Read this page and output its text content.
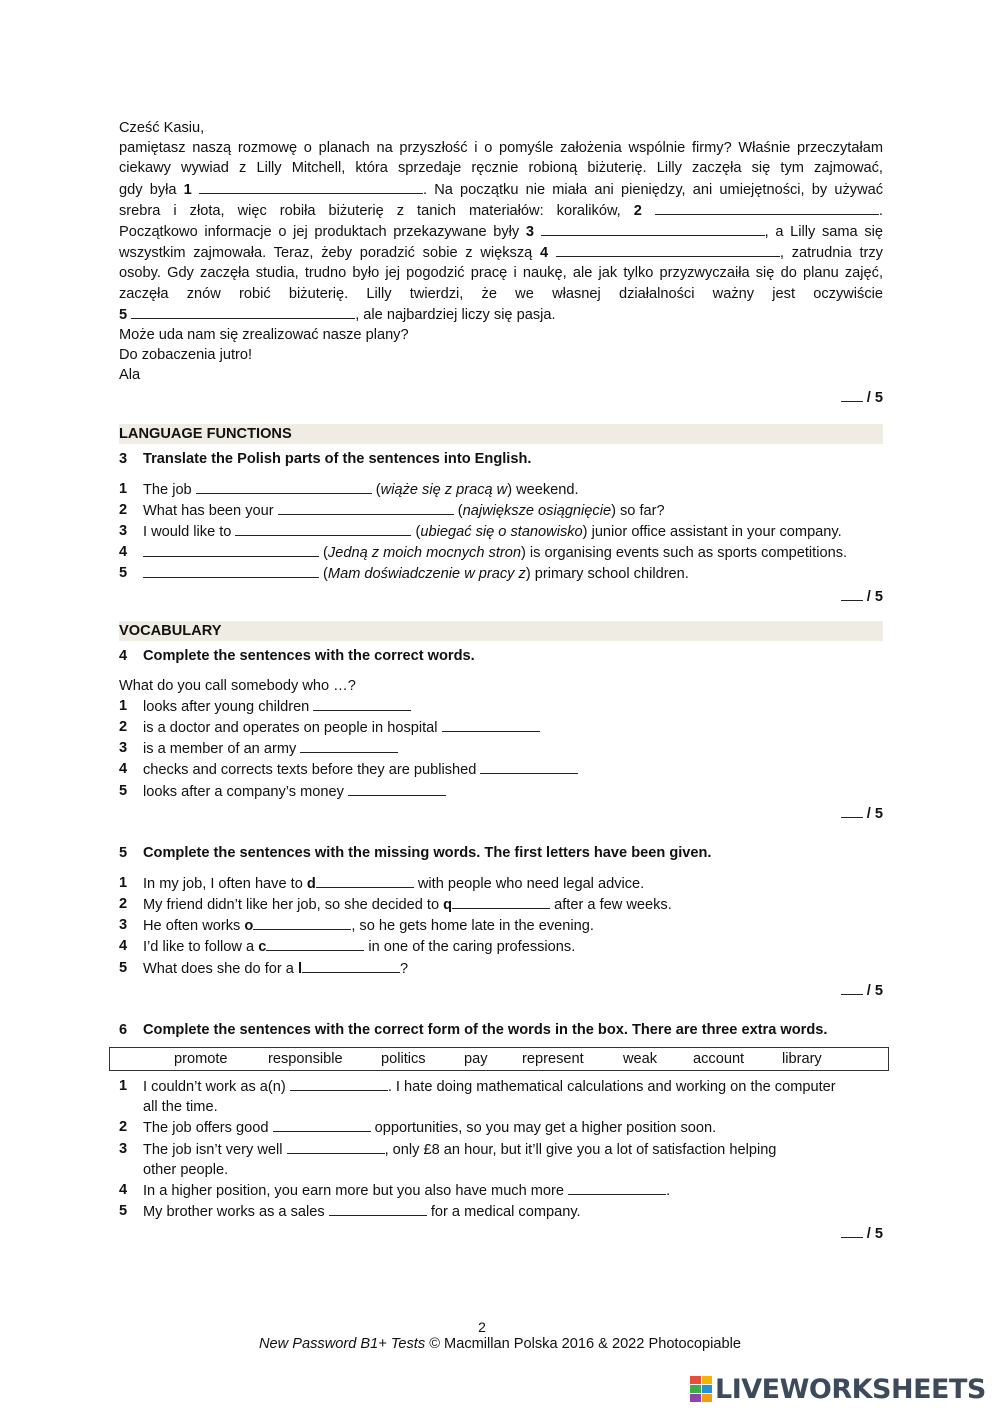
Cześć Kasiu,
pamiętasz naszą rozmowę o planach na przyszłość i o pomyśle założenia wspólnie firmy? Właśnie przeczytałam
ciekawy wywiad z Lilly Mitchell, która sprzedaje ręcznie robioną biżuterię. Lilly zaczęła się tym zajmować,
gdy była 1	. Na początku nie miała ani pieniędzy, ani umiejętności, by używać
srebra i złota, więc robiła biżuterię z tanich materiałów: koralików, 2	.
Początkowo informacje o jej produktach przekazywane były 3	, a Lilly sama się
wszystkim zajmowała. Teraz, żeby poradzić sobie z większą 4	, zatrudnia trzy
osoby. Gdy zaczęła studia, trudno było jej pogodzić pracę i naukę, ale jak tylko przyzwyczaiła się do planu zajęć,
zaczęła znów robić biżuterię. Lilly twierdzi, że we własnej działalności ważny jest oczywiście
5	, ale najbardziej liczy się pasja.
Może uda nam się zrealizować nasze plany?
Do zobaczenia jutro!
Ala
/ 5
LANGUAGE FUNCTIONS
3 Translate the Polish parts of the sentences into English.
1	The job	(wiąże się z pracą w) weekend.
2	What has been your	(największe osiągnięcie) so far?
3	I would like to	(ubiegać się o stanowisko) junior office assistant in your company.
4	(Jedną z moich mocnych stron) is organising events such as sports competitions.
5	(Mam doświadczenie w pracy z) primary school children.
/ 5
VOCABULARY
4 Complete the sentences with the correct words.
What do you call somebody who …?
1	looks after young children
2	is a doctor and operates on people in hospital
3	is a member of an army
4	checks and corrects texts before they are published
5	looks after a company’s money
/ 5
5 Complete the sentences with the missing words. The first letters have been given.
1	In my job, I often have to d	with people who need legal advice.
2	My friend didn’t like her job, so she decided to q	after a few weeks.
3	He often works o	, so he gets home late in the evening.
4	I’d like to follow a c	in one of the caring professions.
5	What does she do for a l	?
/ 5
6 Complete the sentences with the correct form of the words in the box. There are three extra words.
1	I couldn’t work as a(n)	. I hate doing mathematical calculations and working on the computer
all the time.
2	The job offers good	opportunities, so you may get a higher position soon.
3	The job isn’t very well	, only £8 an hour, but it’ll give you a lot of satisfaction helping
other people.
4	In a higher position, you earn more but you also have much more	.
5	My brother works as a sales	for a medical company.
/ 5
promote	responsible	politics	pay represent	weak account	library
2
New Password B1+ Tests © Macmillan Polska 2016 & 2022 Photocopiable
LIVEWORKSHEETS
